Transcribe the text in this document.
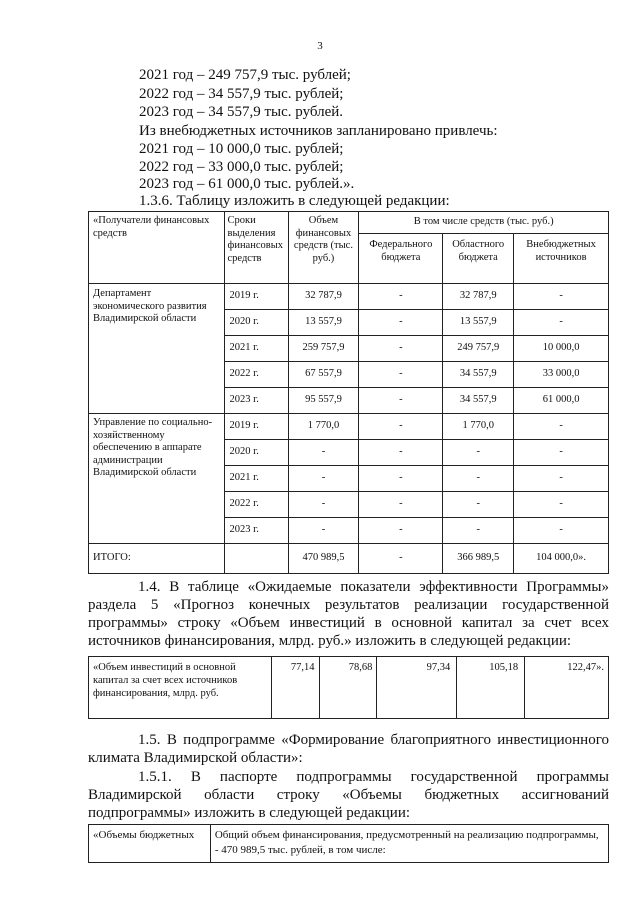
3
2021 год – 249 757,9 тыс. рублей;
2022 год – 34 557,9 тыс. рублей;
2023 год – 34 557,9 тыс. рублей.
Из внебюджетных источников запланировано привлечь:
2021 год – 10 000,0 тыс. рублей;
2022 год – 33 000,0 тыс. рублей;
2023 год – 61 000,0 тыс. рублей.».
1.3.6. Таблицу изложить в следующей редакции:
«Получатели финансовых средств	Сроки выделения финансовых средств	Объем финансовых средств (тыс. руб.)	В том числе средств (тыс. руб.)		
			Федерального бюджета	Областного бюджета	Внебюджетных источников
Департамент экономического развития Владимирской области	2019 г.	32 787,9	-	32 787,9	-
	2020 г.	13 557,9	-	13 557,9	-
	2021 г.	259 757,9	-	249 757,9	10 000,0
	2022 г.	67 557,9	-	34 557,9	33 000,0
	2023 г.	95 557,9	-	34 557,9	61 000,0
Управление по социально-хозяйственному обеспечению в аппарате администрации Владимирской области	2019 г.	1 770,0	-	1 770,0	-
	2020 г.	-	-	-	-
	2021 г.	-	-	-	-
	2022 г.	-	-	-	-
	2023 г.	-	-	-	-
ИТОГО:		470 989,5	-	366 989,5	104 000,0».
1.4. В таблице «Ожидаемые показатели эффективности Программы» раздела 5 «Прогноз конечных результатов реализации государственной программы» строку «Объем инвестиций в основной капитал за счет всех источников финансирования, млрд. руб.» изложить в следующей редакции:
«Объем инвестиций в основной капитал за счет всех источников финансирования, млрд. руб.	77,14	78,68	97,34	105,18	122,47».
1.5. В подпрограмме «Формирование благоприятного инвестиционного климата Владимирской области»:
1.5.1. В паспорте подпрограммы государственной программы Владимирской области строку «Объемы бюджетных ассигнований подпрограммы» изложить в следующей редакции:
«Объемы бюджетных	Общий объем финансирования, предусмотренный на реализацию подпрограммы, - 470 989,5 тыс. рублей, в том числе:
